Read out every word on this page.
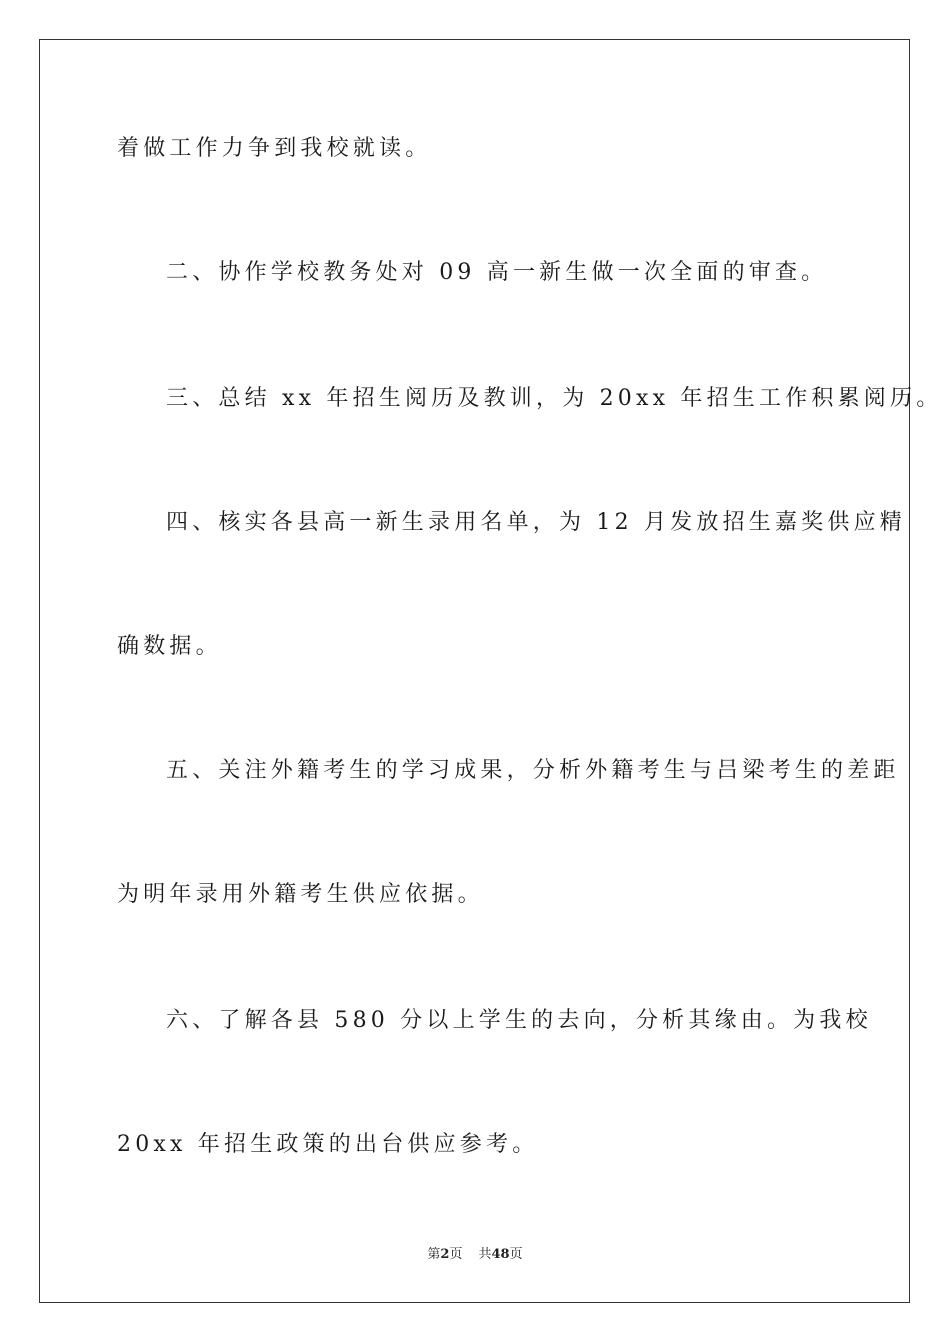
着做工作力争到我校就读。
二、协作学校教务处对 09 高一新生做一次全面的审查。
三、总结 xx 年招生阅历及教训，为 20xx 年招生工作积累阅历。
四、核实各县高一新生录用名单，为 12 月发放招生嘉奖供应精
确数据。
五、关注外籍考生的学习成果，分析外籍考生与吕梁考生的差距
为明年录用外籍考生供应依据。
六、了解各县 580 分以上学生的去向，分析其缘由。为我校
20xx 年招生政策的出台供应参考。
第2页 共48页
